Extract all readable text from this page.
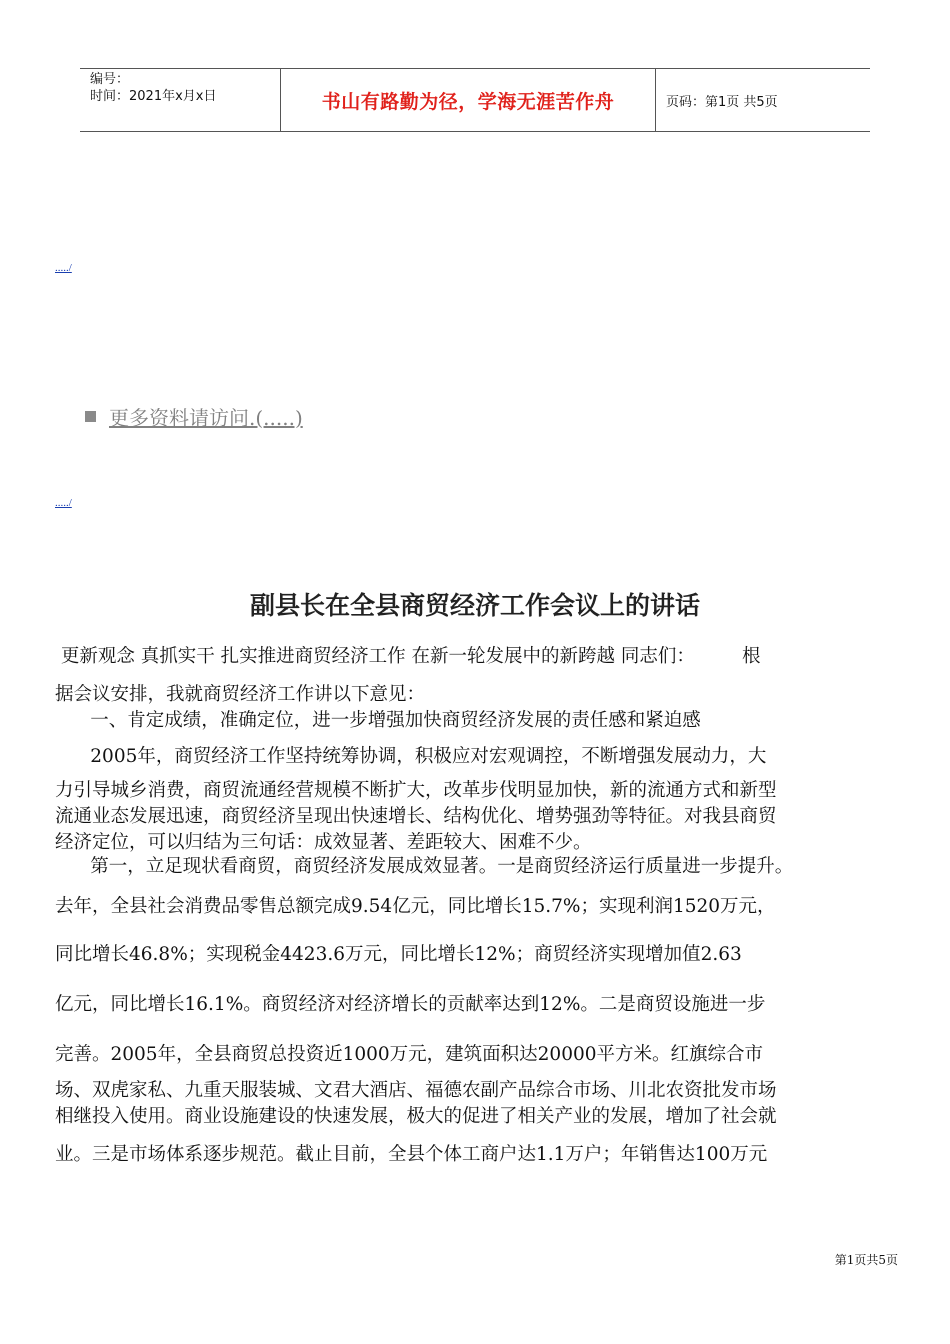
编号：
时间：2021年x月x日	书山有路勤为径，学海无涯苦作舟	页码：第1页 共5页
...../
更多资料请访问.(.....)
...../
副县长在全县商贸经济工作会议上的讲话

更新观念 真抓实干 扎实推进商贸经济工作 在新一轮发展中的新跨越 同志们：        根

据会议安排，我就商贸经济工作讲以下意见：

一、肯定成绩，准确定位，进一步增强加快商贸经济发展的责任感和紧迫感

2005年，商贸经济工作坚持统筹协调，积极应对宏观调控，不断增强发展动力，大

力引导城乡消费，商贸流通经营规模不断扩大，改革步伐明显加快，新的流通方式和新型

流通业态发展迅速，商贸经济呈现出快速增长、结构优化、增势强劲等特征。对我县商贸

经济定位，可以归结为三句话：成效显著、差距较大、困难不少。

第一，立足现状看商贸，商贸经济发展成效显著。一是商贸经济运行质量进一步提升。

去年，全县社会消费品零售总额完成9.54亿元，同比增长15.7%；实现利润1520万元，

同比增长46.8%；实现税金4423.6万元，同比增长12%；商贸经济实现增加值2.63

亿元，同比增长16.1%。商贸经济对经济增长的贡献率达到12%。二是商贸设施进一步

完善。2005年，全县商贸总投资近1000万元，建筑面积达20000平方米。红旗综合市

场、双虎家私、九重天服装城、文君大酒店、福德农副产品综合市场、川北农资批发市场

相继投入使用。商业设施建设的快速发展，极大的促进了相关产业的发展，增加了社会就

业。三是市场体系逐步规范。截止目前，全县个体工商户达1.1万户；年销售达100万元

第1页共5页
